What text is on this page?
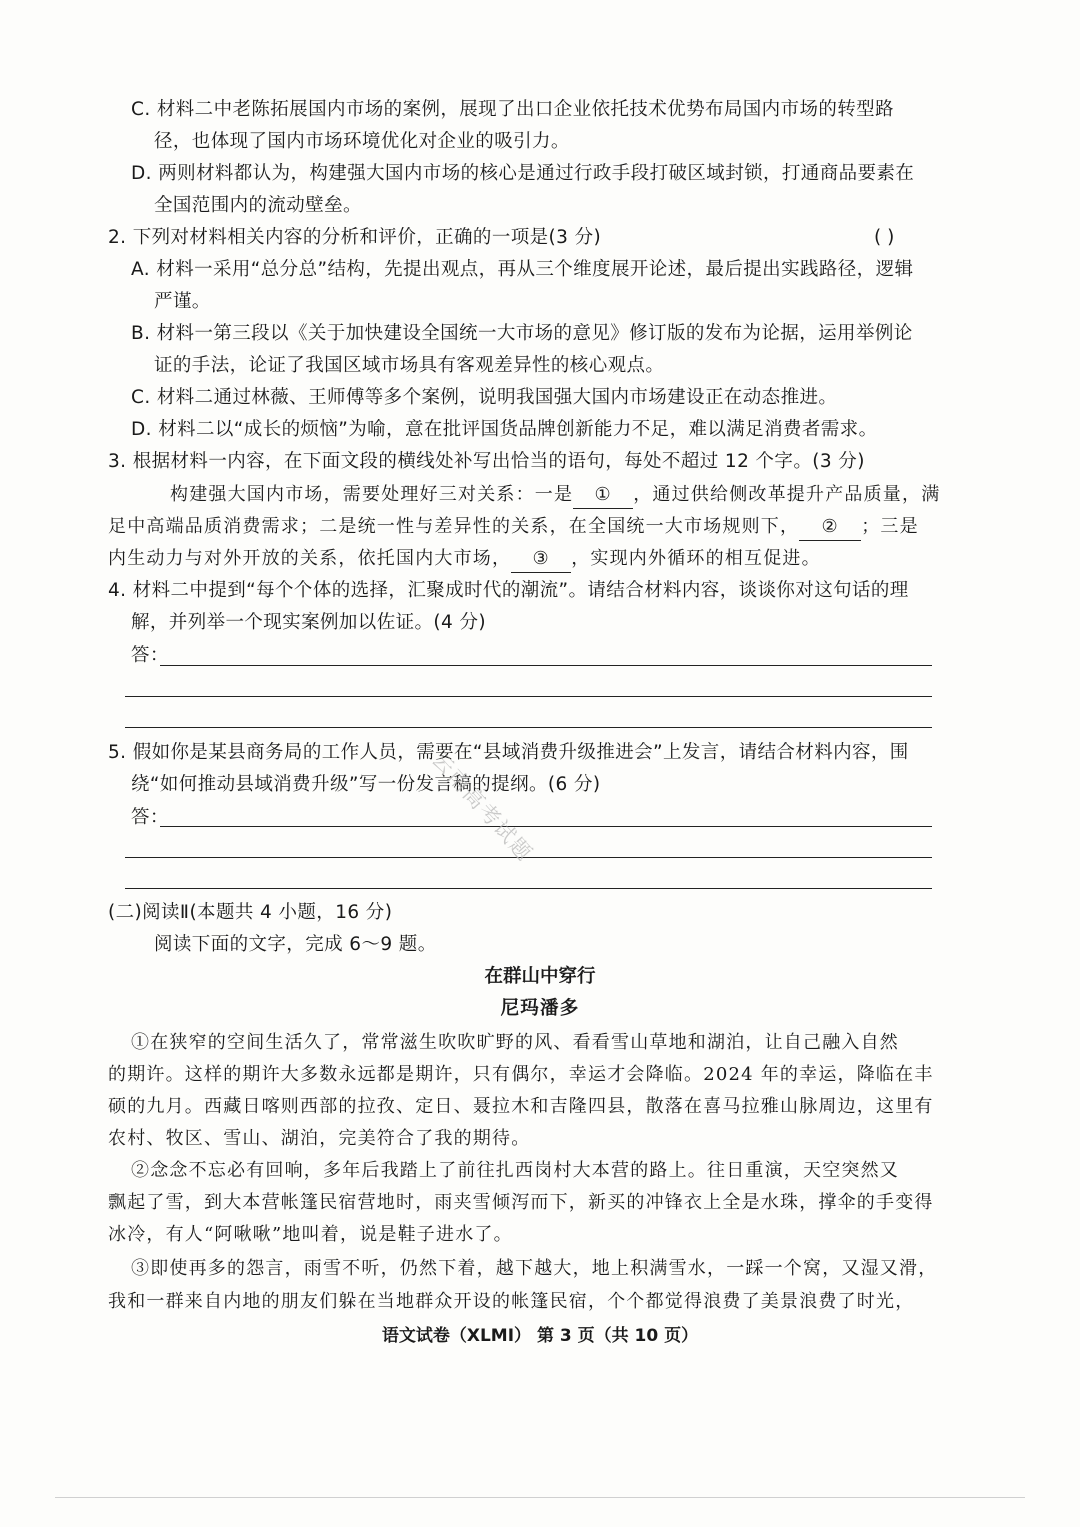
C. 材料二中老陈拓展国内市场的案例，展现了出口企业依托技术优势布局国内市场的转型路
径，也体现了国内市场环境优化对企业的吸引力。
D. 两则材料都认为，构建强大国内市场的核心是通过行政手段打破区域封锁，打通商品要素在
全国范围内的流动壁垒。
2. 下列对材料相关内容的分析和评价，正确的一项是(3 分)	( )
A. 材料一采用“总分总”结构，先提出观点，再从三个维度展开论述，最后提出实践路径，逻辑
严谨。
B. 材料一第三段以《关于加快建设全国统一大市场的意见》修订版的发布为论据，运用举例论
证的手法，论证了我国区域市场具有客观差异性的核心观点。
C. 材料二通过林薇、王师傅等多个案例，说明我国强大国内市场建设正在动态推进。
D. 材料二以“成长的烦恼”为喻，意在批评国货品牌创新能力不足，难以满足消费者需求。
3. 根据材料一内容，在下面文段的横线处补写出恰当的语句，每处不超过 12 个字。(3 分)
构建强大国内市场，需要处理好三对关系：一是 ① ，通过供给侧改革提升产品质量，满
足中高端品质消费需求；二是统一性与差异性的关系，在全国统一大市场规则下， ② ；三是
内生动力与对外开放的关系，依托国内大市场， ③ ，实现内外循环的相互促进。
4. 材料二中提到“每个个体的选择，汇聚成时代的潮流”。请结合材料内容，谈谈你对这句话的理
解，并列举一个现实案例加以佐证。(4 分)
答：
5. 假如你是某县商务局的工作人员，需要在“县域消费升级推进会”上发言，请结合材料内容，围
绕“如何推动县域消费升级”写一份发言稿的提纲。(6 分)
答：
(二)阅读Ⅱ(本题共 4 小题，16 分)
阅读下面的文字，完成 6～9 题。
在群山中穿行
尼玛潘多
①在狭窄的空间生活久了，常常滋生吹吹旷野的风、看看雪山草地和湖泊，让自己融入自然
的期许。这样的期许大多数永远都是期许，只有偶尔，幸运才会降临。2024 年的幸运，降临在丰
硕的九月。西藏日喀则西部的拉孜、定日、聂拉木和吉隆四县，散落在喜马拉雅山脉周边，这里有
农村、牧区、雪山、湖泊，完美符合了我的期待。
②念念不忘必有回响，多年后我踏上了前往扎西岗村大本营的路上。往日重演，天空突然又
飘起了雪，到大本营帐篷民宿营地时，雨夹雪倾泻而下，新买的冲锋衣上全是水珠，撑伞的手变得
冰冷，有人“阿啾啾”地叫着，说是鞋子进水了。
③即使再多的怨言，雨雪不听，仍然下着，越下越大，地上积满雪水，一踩一个窝，又湿又滑，
我和一群来自内地的朋友们躲在当地群众开设的帐篷民宿，个个都觉得浪费了美景浪费了时光，
语文试卷（XLMI） 第 3 页（共 10 页）
云南高考试题
